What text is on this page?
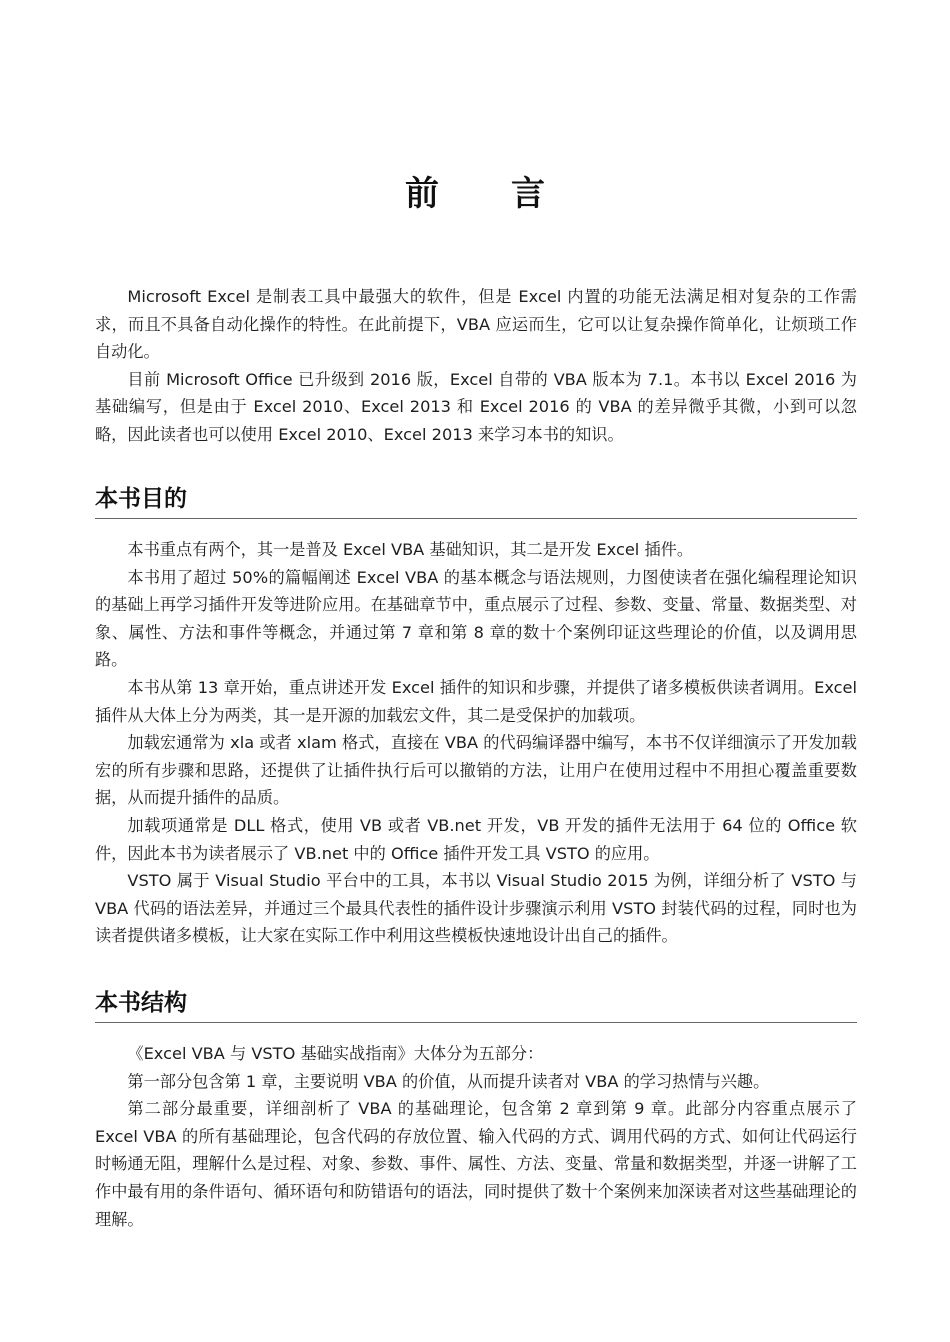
前 言

Microsoft Excel 是制表工具中最强大的软件，但是 Excel 内置的功能无法满足相对复杂的工作需求，而且不具备自动化操作的特性。在此前提下，VBA 应运而生，它可以让复杂操作简单化，让烦琐工作自动化。

目前 Microsoft Office 已升级到 2016 版，Excel 自带的 VBA 版本为 7.1。本书以 Excel 2016 为基础编写，但是由于 Excel 2010、Excel 2013 和 Excel 2016 的 VBA 的差异微乎其微，小到可以忽略，因此读者也可以使用 Excel 2010、Excel 2013 来学习本书的知识。

本书目的

本书重点有两个，其一是普及 Excel VBA 基础知识，其二是开发 Excel 插件。

本书用了超过 50%的篇幅阐述 Excel VBA 的基本概念与语法规则，力图使读者在强化编程理论知识的基础上再学习插件开发等进阶应用。在基础章节中，重点展示了过程、参数、变量、常量、数据类型、对象、属性、方法和事件等概念，并通过第 7 章和第 8 章的数十个案例印证这些理论的价值，以及调用思路。

本书从第 13 章开始，重点讲述开发 Excel 插件的知识和步骤，并提供了诸多模板供读者调用。Excel 插件从大体上分为两类，其一是开源的加载宏文件，其二是受保护的加载项。

加载宏通常为 xla 或者 xlam 格式，直接在 VBA 的代码编译器中编写，本书不仅详细演示了开发加载宏的所有步骤和思路，还提供了让插件执行后可以撤销的方法，让用户在使用过程中不用担心覆盖重要数据，从而提升插件的品质。

加载项通常是 DLL 格式，使用 VB 或者 VB.net 开发，VB 开发的插件无法用于 64 位的 Office 软件，因此本书为读者展示了 VB.net 中的 Office 插件开发工具 VSTO 的应用。

VSTO 属于 Visual Studio 平台中的工具，本书以 Visual Studio 2015 为例，详细分析了 VSTO 与 VBA 代码的语法差异，并通过三个最具代表性的插件设计步骤演示利用 VSTO 封装代码的过程，同时也为读者提供诸多模板，让大家在实际工作中利用这些模板快速地设计出自己的插件。

本书结构

《Excel VBA 与 VSTO 基础实战指南》大体分为五部分：

第一部分包含第 1 章，主要说明 VBA 的价值，从而提升读者对 VBA 的学习热情与兴趣。

第二部分最重要，详细剖析了 VBA 的基础理论，包含第 2 章到第 9 章。此部分内容重点展示了 Excel VBA 的所有基础理论，包含代码的存放位置、输入代码的方式、调用代码的方式、如何让代码运行时畅通无阻，理解什么是过程、对象、参数、事件、属性、方法、变量、常量和数据类型，并逐一讲解了工作中最有用的条件语句、循环语句和防错语句的语法，同时提供了数十个案例来加深读者对这些基础理论的理解。
